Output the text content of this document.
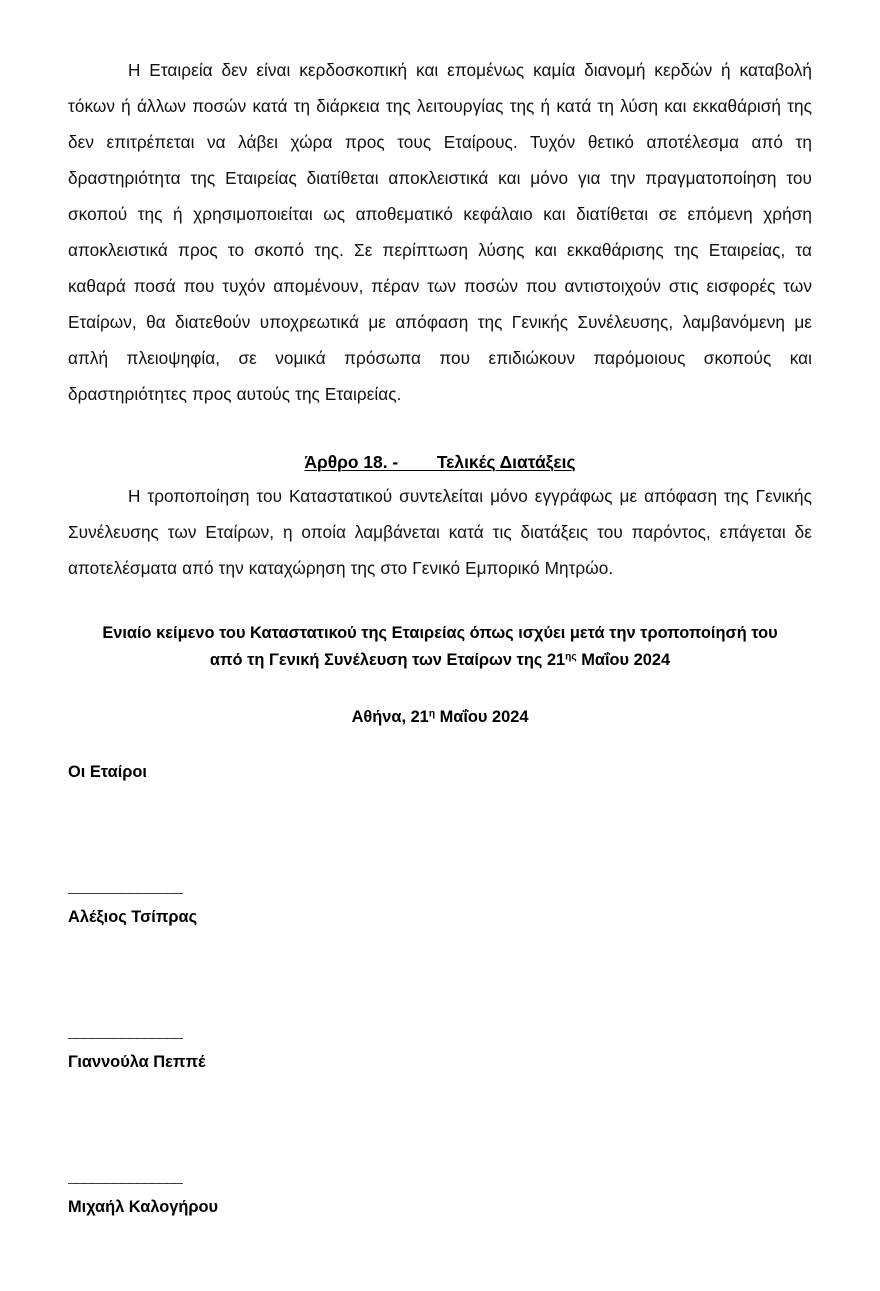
Η Εταιρεία δεν είναι κερδοσκοπική και επομένως καμία διανομή κερδών ή καταβολή τόκων ή άλλων ποσών κατά τη διάρκεια της λειτουργίας της ή κατά τη λύση και εκκαθάρισή της δεν επιτρέπεται να λάβει χώρα προς τους Εταίρους. Τυχόν θετικό αποτέλεσμα από τη δραστηριότητα της Εταιρείας διατίθεται αποκλειστικά και μόνο για την πραγματοποίηση του σκοπού της ή χρησιμοποιείται ως αποθεματικό κεφάλαιο και διατίθεται σε επόμενη χρήση αποκλειστικά προς το σκοπό της. Σε περίπτωση λύσης και εκκαθάρισης της Εταιρείας, τα καθαρά ποσά που τυχόν απομένουν, πέραν των ποσών που αντιστοιχούν στις εισφορές των Εταίρων, θα διατεθούν υποχρεωτικά με απόφαση της Γενικής Συνέλευσης, λαμβανόμενη με απλή πλειοψηφία, σε νομικά πρόσωπα που επιδιώκουν παρόμοιους σκοπούς και δραστηριότητες προς αυτούς της Εταιρείας.

Άρθρο 18. -        Τελικές Διατάξεις

Η τροποποίηση του Καταστατικού συντελείται μόνο εγγράφως με απόφαση της Γενικής Συνέλευσης των Εταίρων, η οποία λαμβάνεται κατά τις διατάξεις του παρόντος, επάγεται δε αποτελέσματα από την καταχώρηση της στο Γενικό Εμπορικό Μητρώο.

Ενιαίο κείμενο του Καταστατικού της Εταιρείας όπως ισχύει μετά την τροποποίησή του

από τη Γενική Συνέλευση των Εταίρων της $21^{\eta\varsigma}$ Μαΐου 2024

Αθήνα, $21^\eta$ Μαΐου 2024

Οι Εταίροι

_______________

Αλέξιος Τσίπρας

_______________

Γιαννούλα Πεππέ

_______________

Μιχαήλ Καλογήρου
